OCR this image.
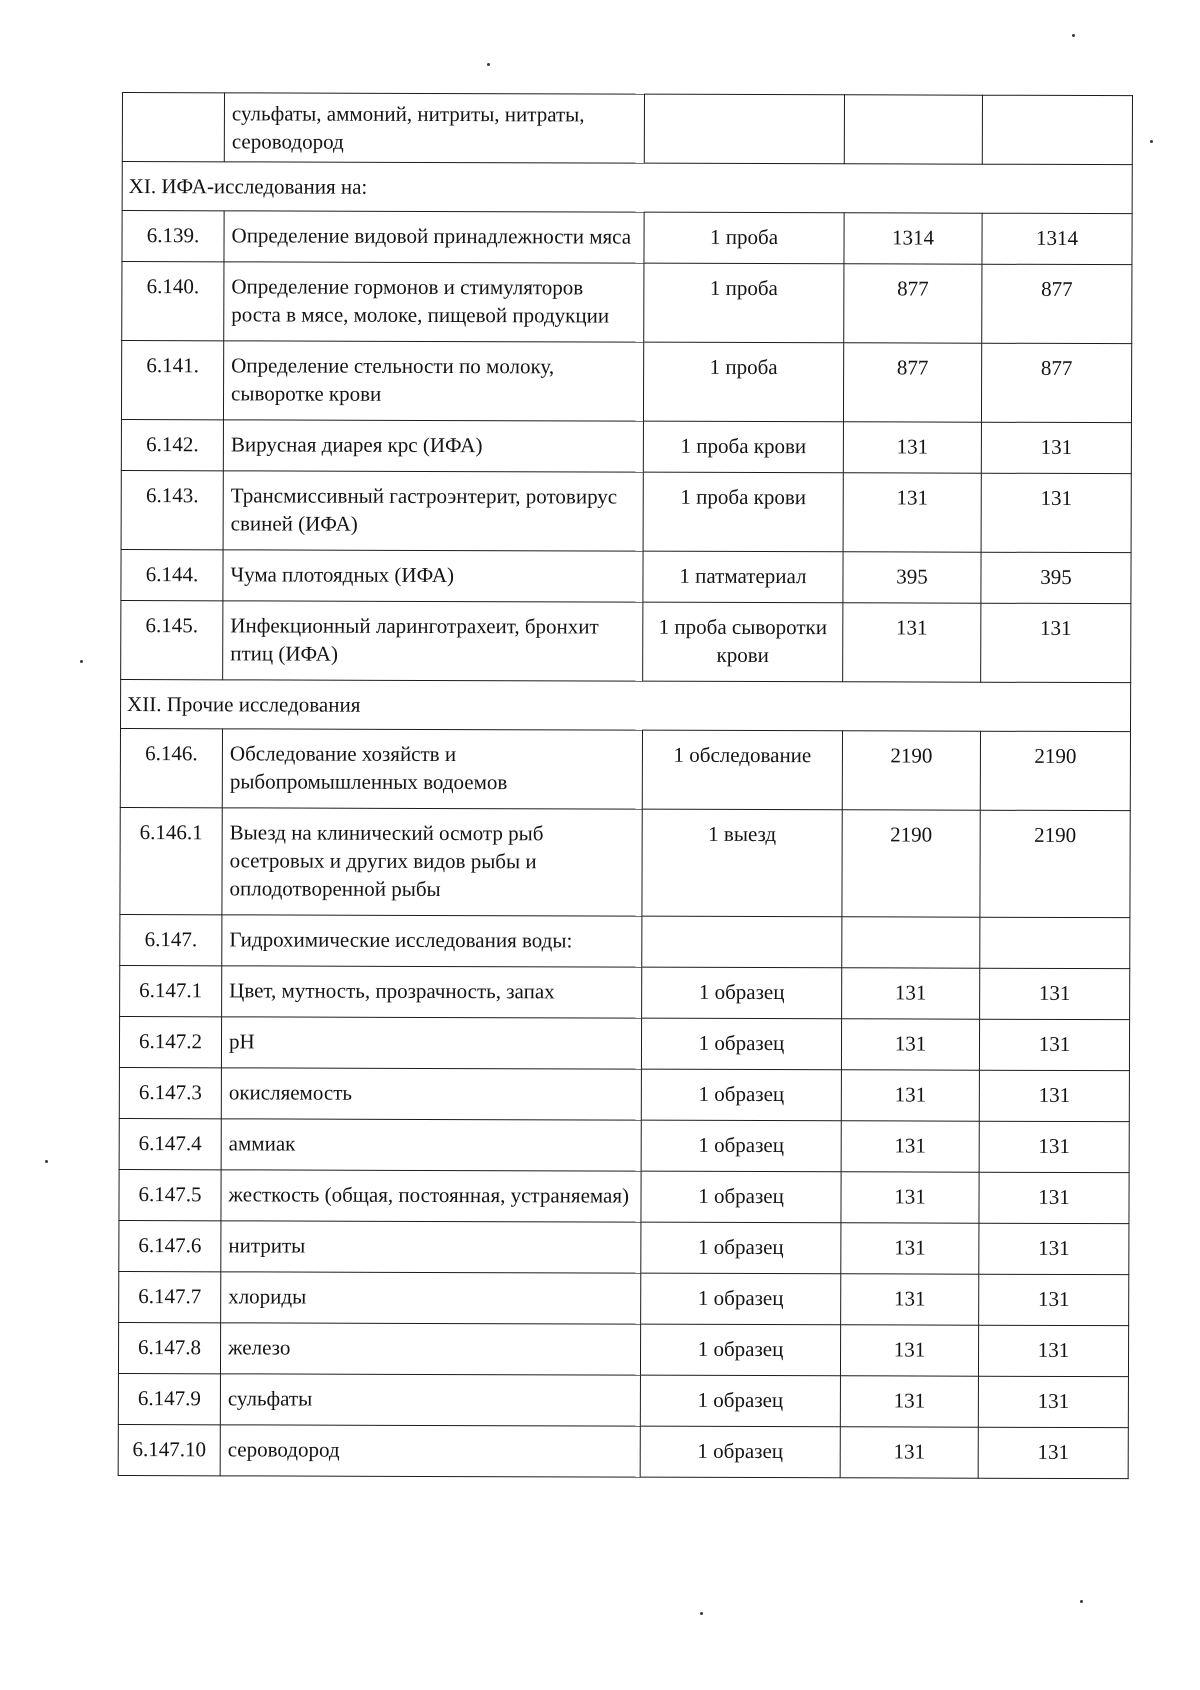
	сульфаты, аммоний, нитриты, нитраты, сероводород			
XI. ИФА-исследования на:				
6.139.	Определение видовой принадлежности мяса	1 проба	1314	1314
6.140.	Определение гормонов и стимуляторов роста в мясе, молоке, пищевой продукции	1 проба	877	877
6.141.	Определение стельности по молоку, сыворотке крови	1 проба	877	877
6.142.	Вирусная диарея крс (ИФА)	1 проба крови	131	131
6.143.	Трансмиссивный гастроэнтерит, ротовирус свиней (ИФА)	1 проба крови	131	131
6.144.	Чума плотоядных (ИФА)	1 патматериал	395	395
6.145.	Инфекционный ларинготрахеит, бронхит птиц (ИФА)	1 проба сыворотки крови	131	131
XII. Прочие исследования				
6.146.	Обследование хозяйств и рыбопромышленных водоемов	1 обследование	2190	2190
6.146.1	Выезд на клинический осмотр рыб осетровых и других видов рыбы и оплодотворенной рыбы	1 выезд	2190	2190
6.147.	Гидрохимические исследования воды:			
6.147.1	Цвет, мутность, прозрачность, запах	1 образец	131	131
6.147.2	pH	1 образец	131	131
6.147.3	окисляемость	1 образец	131	131
6.147.4	аммиак	1 образец	131	131
6.147.5	жесткость (общая, постоянная, устраняемая)	1 образец	131	131
6.147.6	нитриты	1 образец	131	131
6.147.7	хлориды	1 образец	131	131
6.147.8	железо	1 образец	131	131
6.147.9	сульфаты	1 образец	131	131
6.147.10	сероводород	1 образец	131	131
